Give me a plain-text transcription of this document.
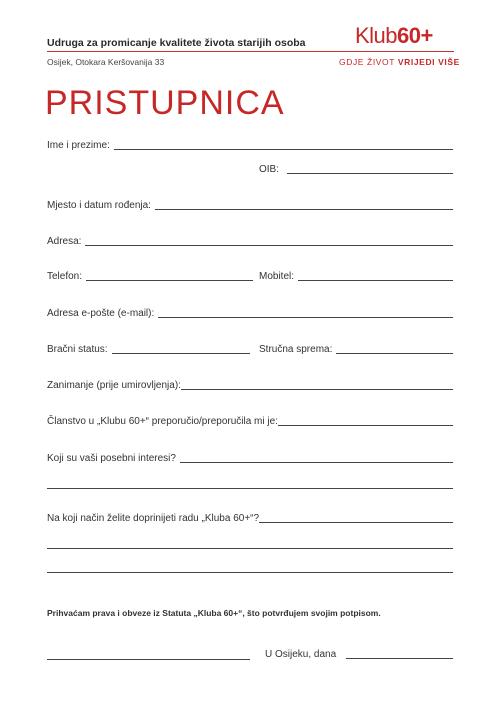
Udruga za promicanje kvalitete života starijih osoba
Osijek, Otokara Keršovanija 33
Klub60+
GDJE ŽIVOT VRIJEDI VIŠE
PRISTUPNICA
Ime i prezime:
OIB:
Mjesto i datum rođenja:
Adresa:
Telefon:	Mobitel:
Adresa e-pošte (e-mail):
Bračni status:	Stručna sprema:
Zanimanje (prije umirovljenja):
Članstvo u „Klubu 60+“ preporučio/preporučila mi je:
Koji su vaši posebni interesi?
Na koji način želite doprinijeti radu „Kluba 60+“?
Prihvaćam prava i obveze iz Statuta „Kluba 60+“, što potvrđujem svojim potpisom.
U Osijeku, dana
